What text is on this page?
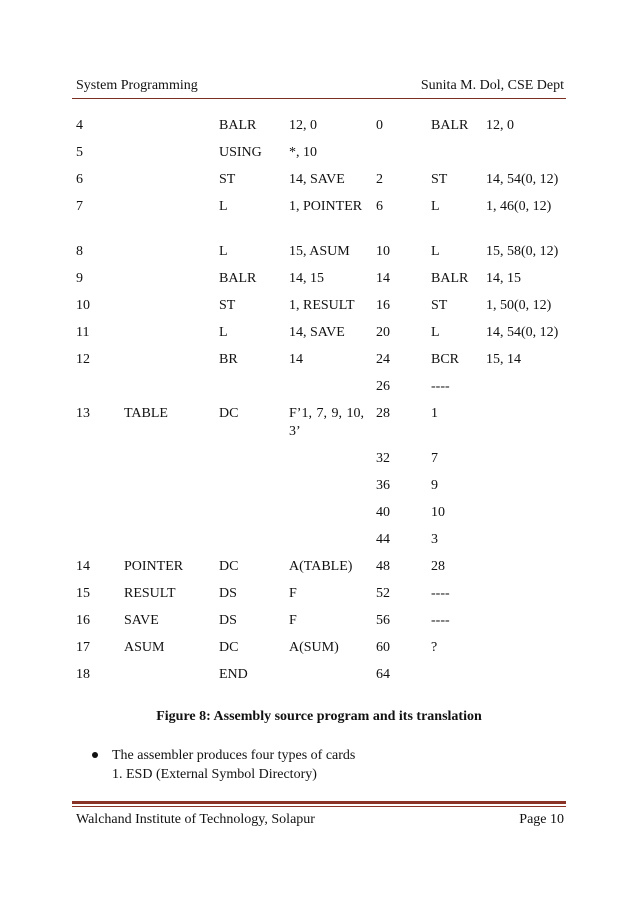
System Programming	Sunita M. Dol, CSE Dept
4		BALR	12, 0	0	BALR	12, 0
5		USING	*, 10			
6		ST	14, SAVE	2	ST	14, 54(0, 12)
7		L	1, POINTER	6	L	1, 46(0, 12)
8		L	15, ASUM	10	L	15, 58(0, 12)
9		BALR	14, 15	14	BALR	14, 15
10		ST	1, RESULT	16	ST	1, 50(0, 12)
11		L	14, SAVE	20	L	14, 54(0, 12)
12		BR	14	24	BCR	15, 14
				26	----	
13	TABLE	DC	F’1, 7, 9, 10, 3’	28	1	
				32	7	
				36	9	
				40	10	
				44	3	
14	POINTER	DC	A(TABLE)	48	28	
15	RESULT	DS	F	52	----	
16	SAVE	DS	F	56	----	
17	ASUM	DC	A(SUM)	60	?	
18		END		64		
Figure 8: Assembly source program and its translation
The assembler produces four types of cards
1. ESD (External Symbol Directory)
Walchand Institute of Technology, Solapur	Page 10
